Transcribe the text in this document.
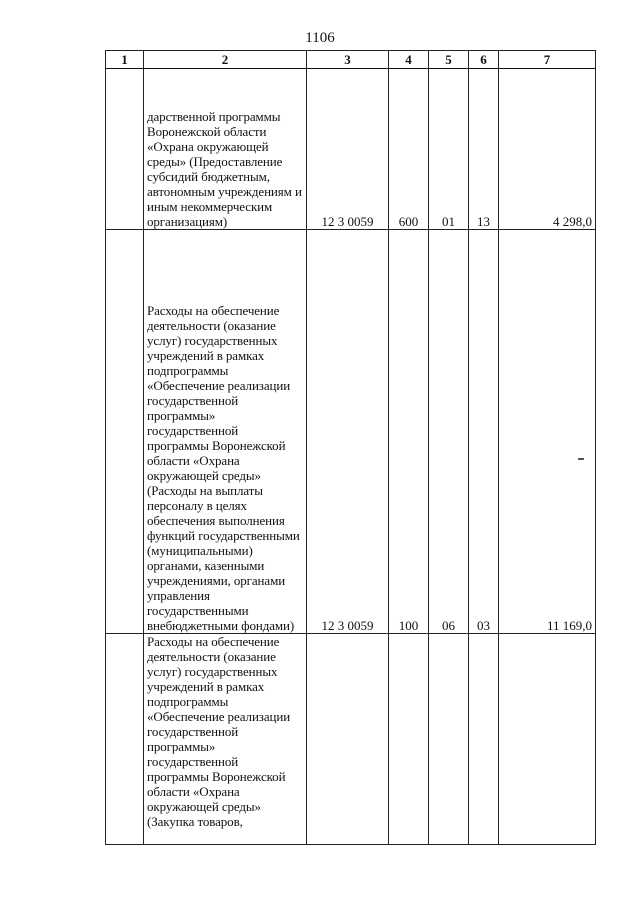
1106
1	2	3	4	5	6	7
	дарственной программы Воронежской области «Охрана окружающей среды» (Предоставление субсидий бюджетным, автономным учреждениям и иным некоммерческим организациям)	12 3 0059	600	01	13	4 298,0
	Расходы на обеспечение деятельности (оказание услуг) государственных учреждений в рамках подпрограммы «Обеспечение реализации государственной программы» государственной программы Воронежской области «Охрана окружающей среды» (Расходы на выплаты персоналу в целях обеспечения выполнения функций государственными (муниципальными) органами, казенными учреждениями, органами управления государственными внебюджетными фондами)	12 3 0059	100	06	03	11 169,0
	Расходы на обеспечение деятельности (оказание услуг) государственных учреждений в рамках подпрограммы «Обеспечение реализации государственной программы» государственной программы Воронежской области «Охрана окружающей среды» (Закупка товаров,					
